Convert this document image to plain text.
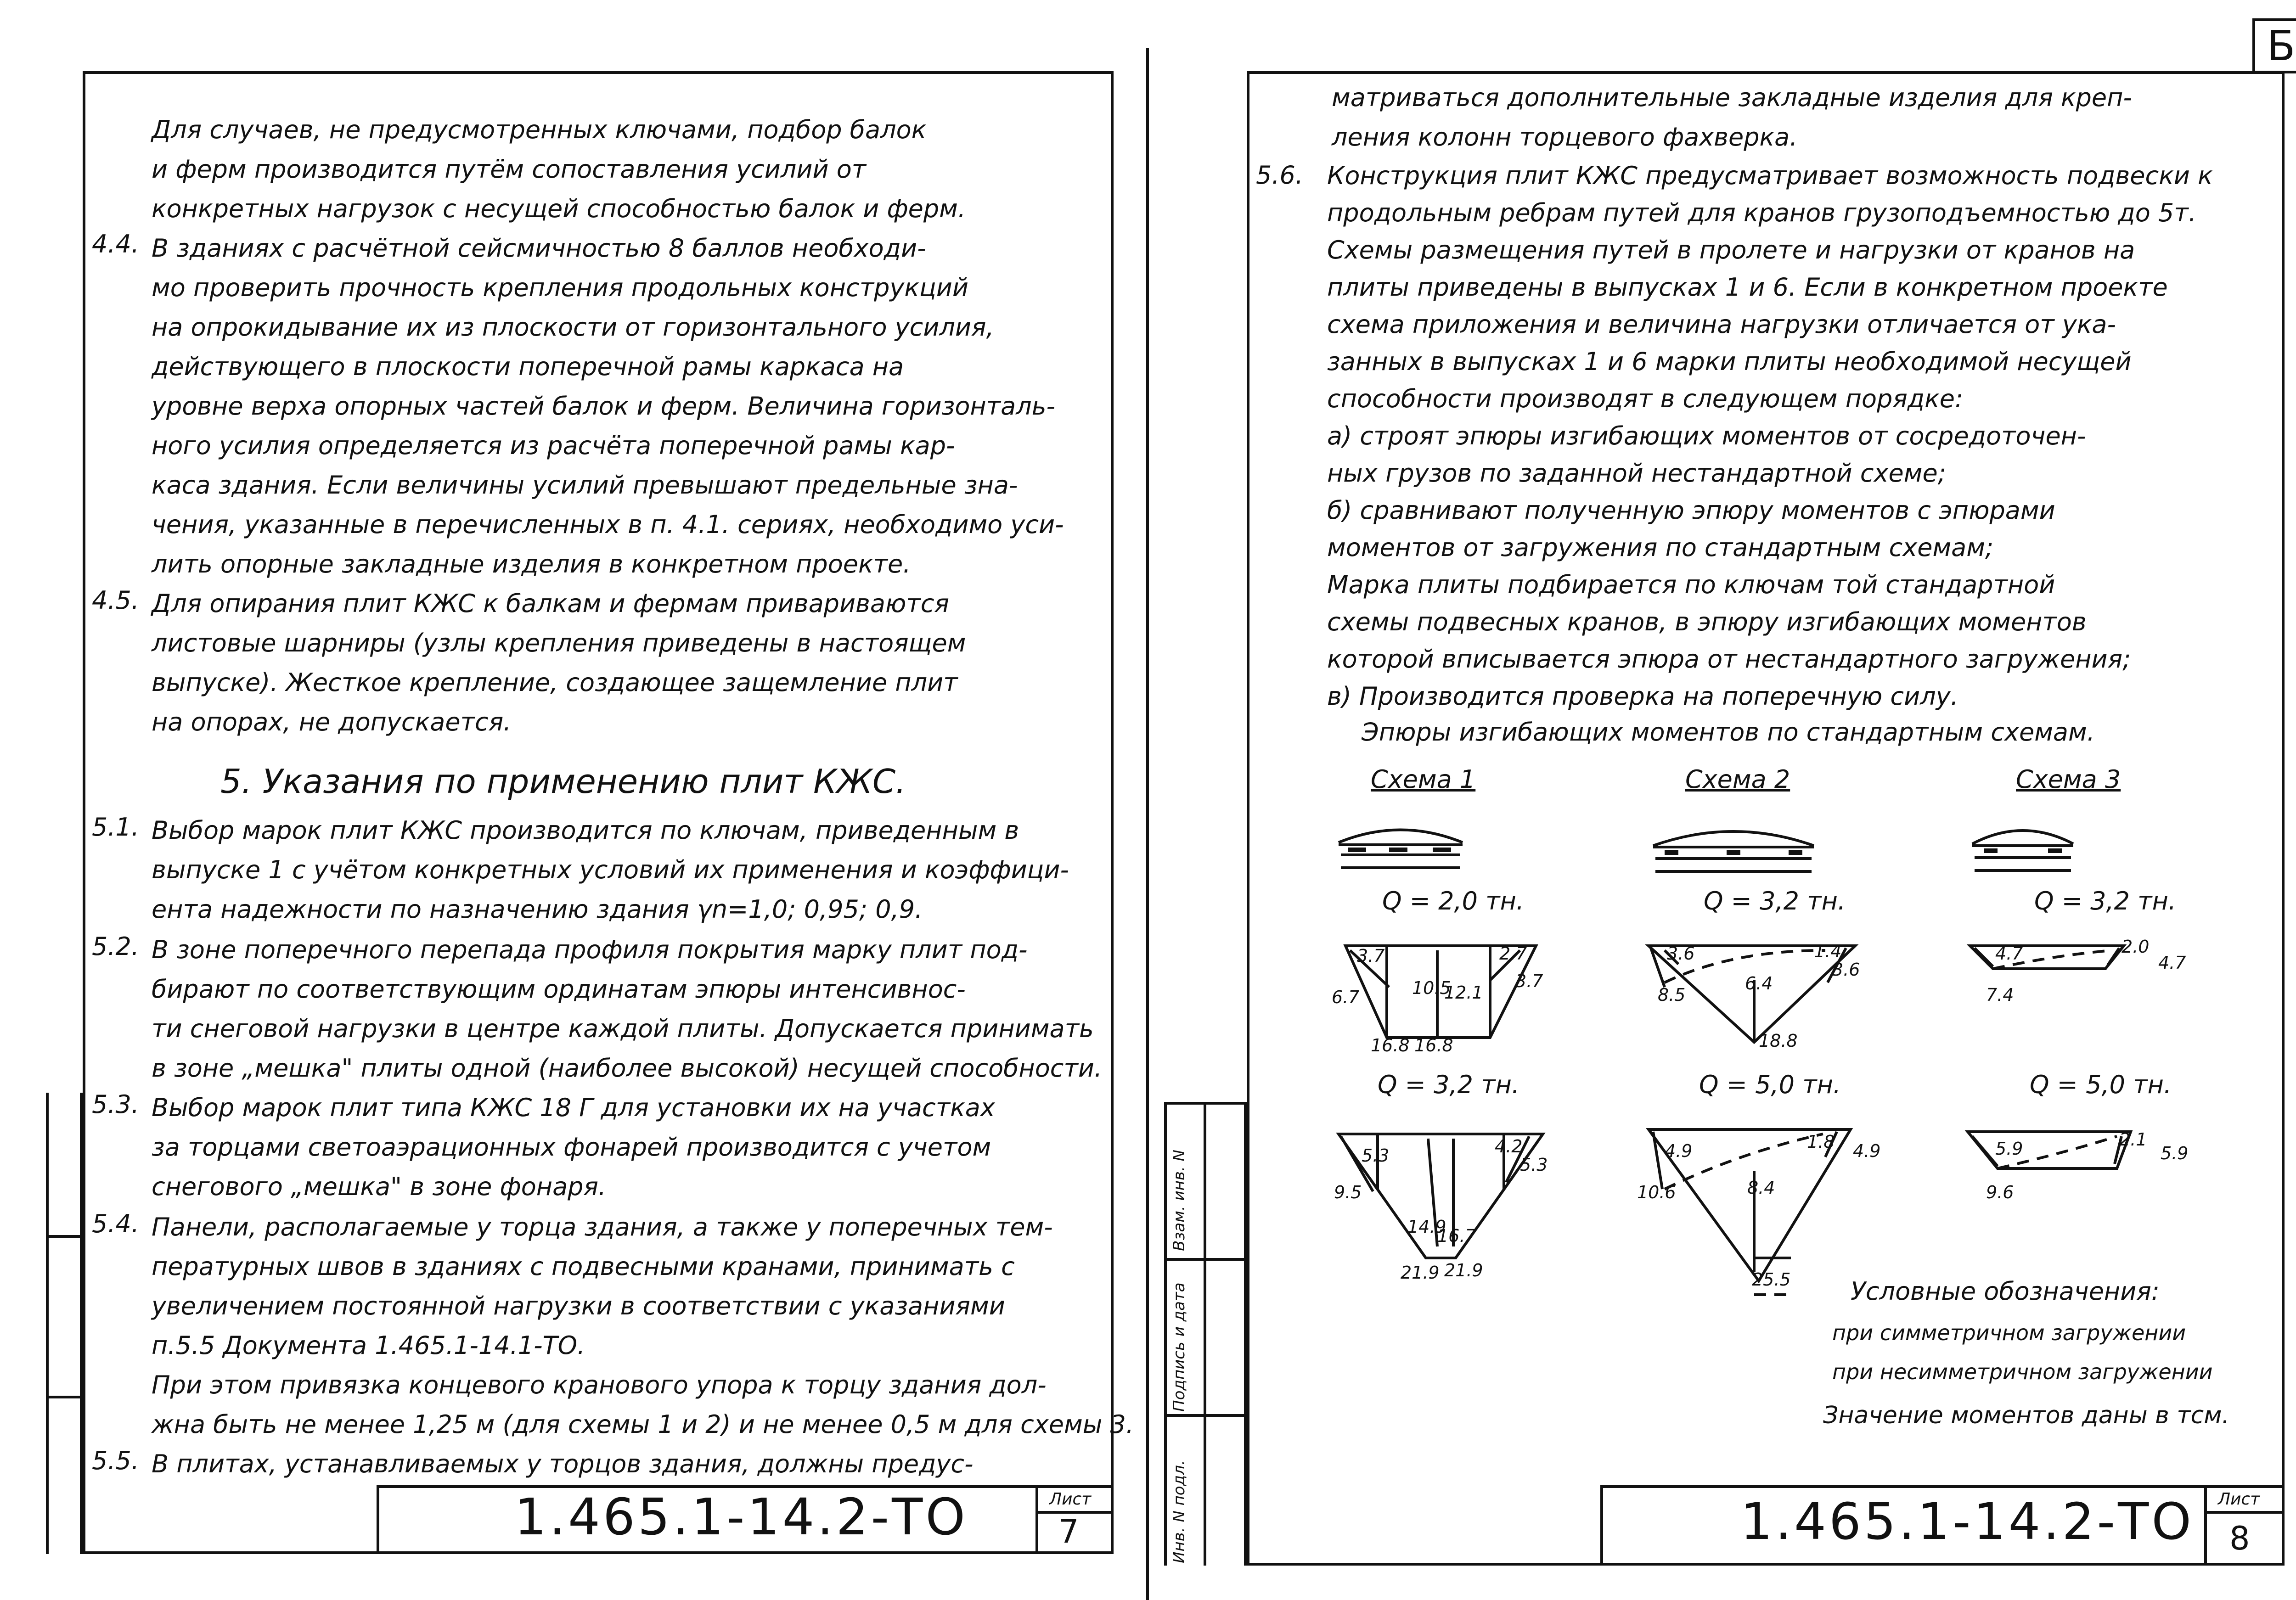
Для случаев, не предусмотренных ключами, подбор балок
и ферм производится путём сопоставления усилий от
конкретных нагрузок с несущей способностью балок и ферм.
4.4. В зданиях с расчётной сейсмичностью 8 баллов необходи-
мо проверить прочность крепления продольных конструкций
на опрокидывание их из плоскости от горизонтального усилия,
действующего в плоскости поперечной рамы каркаса на
уровне верха опорных частей балок и ферм. Величина горизонталь-
ного усилия определяется из расчёта поперечной рамы кар-
каса здания. Если величины усилий превышают предельные зна-
чения, указанные в перечисленных в п. 4.1. сериях, необходимо уси-
лить опорные закладные изделия в конкретном проекте.
4.5. Для опирания плит КЖС к балкам и фермам привариваются
листовые шарниры (узлы крепления приведены в настоящем
выпуске). Жесткое крепление, создающее защемление плит
на опорах, не допускается.
5. Указания по применению плит КЖС.
5.1. Выбор марок плит КЖС производится по ключам, приведенным в
выпуске 1 с учётом конкретных условий их применения и коэффици-
ента надежности по назначению здания γn=1,0; 0,95; 0,9.
5.2. В зоне поперечного перепада профиля покрытия марку плит под-
бирают по соответствующим ординатам эпюры интенсивнос-
ти снеговой нагрузки в центре каждой плиты. Допускается принимать
в зоне „мешка" плиты одной (наиболее высокой) несущей способности.
5.3. Выбор марок плит типа КЖС 18 Г для установки их на участках
за торцами светоаэрационных фонарей производится с учетом
снегового „мешка" в зоне фонаря.
5.4. Панели, располагаемые у торца здания, а также у поперечных тем-
пературных швов в зданиях с подвесными кранами, принимать с
увеличением постоянной нагрузки в соответствии с указаниями
п.5.5 Документа 1.465.1-14.1-ТО.
При этом привязка концевого кранового упора к торцу здания дол-
жна быть не менее 1,25 м (для схемы 1 и 2) и не менее 0,5 м для схемы 3.
5.5. В плитах, устанавливаемых у торцов здания, должны предус-
1.465.1-14.2-ТО	Лист
7
Б
Инв. N подл.
Подпись и дата
Взам. инв. N
матриваться дополнительные закладные изделия для креп-
ления колонн торцевого фахверка.
5.6. Конструкция плит КЖС предусматривает возможность подвески к
продольным ребрам путей для кранов грузоподъемностью до 5т.
Схемы размещения путей в пролете и нагрузки от кранов на
плиты приведены в выпусках 1 и 6. Если в конкретном проекте
схема приложения и величина нагрузки отличается от ука-
занных в выпусках 1 и 6 марки плиты необходимой несущей
способности производят в следующем порядке:
а) строят эпюры изгибающих моментов от сосредоточен-
ных грузов по заданной нестандартной схеме;
б) сравнивают полученную эпюру моментов с эпюрами
моментов от загружения по стандартным схемам;
Марка плиты подбирается по ключам той стандартной
схемы подвесных кранов, в эпюру изгибающих моментов
которой вписывается эпюра от нестандартного загружения;
в) Производится проверка на поперечную силу.
Эпюры изгибающих моментов по стандартным схемам.
Схема 1	Схема 2	Схема 3
Q = 2,0 тн.	Q = 3,2 тн.	Q = 3,2 тн.
Q = 3,2 тн.	Q = 5,0 тн.	Q = 5,0 тн.
3.7	2.7
6.7
3.7
10.5
12.1
16.8 16.8
5.3	4.2
5.3
9.5
14.9
16.7
21.9 21.9
3.6	1.4
3.6
8.5
6.4
18.8
4.9	1.8 4.9
10.6	8.4
25.5
4.7	2.0
4.7
7.4
5.9	2.1
5.9
9.6
Условные обозначения:
при симметричном загружении
при несимметричном загружении
Значение моментов даны в тсм.
1.465.1-14.2-ТО Лист
8
